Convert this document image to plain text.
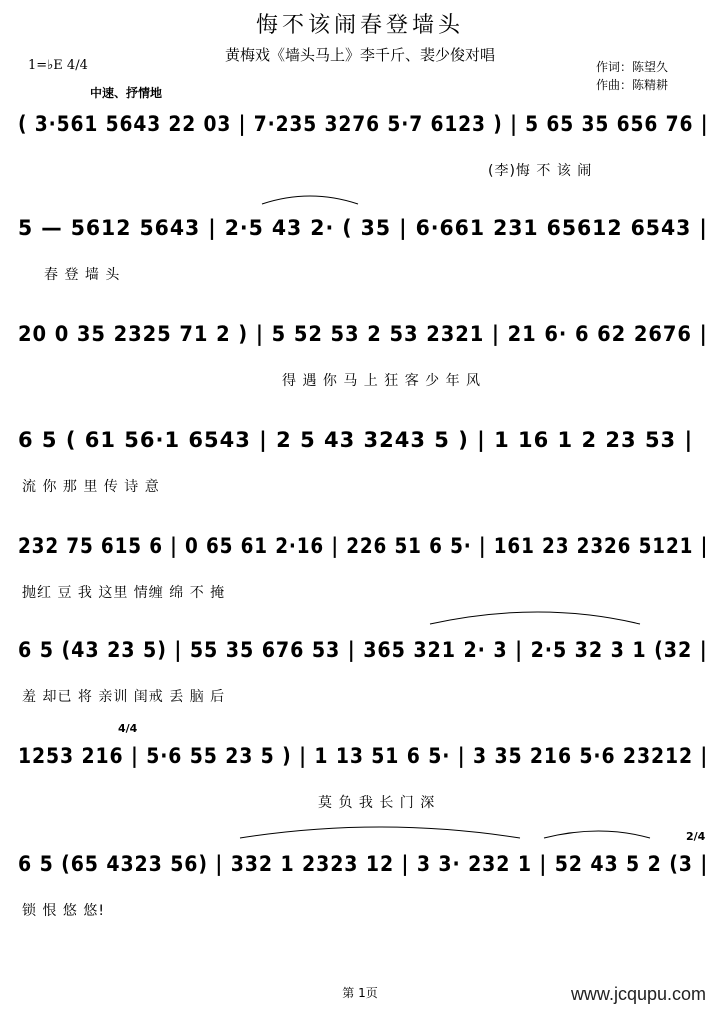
悔不该闹春登墙头
黄梅戏《墙头马上》李千斤、裴少俊对唱
作词：陈望久
作曲：陈精耕
1=♭E 4/4
中速、抒情地
( 3·561 5643 22 03 | 7·235 3276 5·7 6123 ) | 5 65 35 656 76 |
(李)悔 不 该 闹
5 — 5612 5643 | 2·5 43 2· ( 35 | 6·661 231 65612 6543 |
春 登 墙 头
20 0 35 2325 71 2 ) | 5 52 53 2 53 2321 | 21 6· 6 62 2676 |
得 遇 你 马 上 狂 客 少 年 风
6 5 ( 61 56·1 6543 | 2 5 43 3243 5 ) | 1 16 1 2 23 53 |
流 你 那 里 传 诗 意
232 75 615 6 | 0 65 61 2·16 | 226 51 6 5· | 161 23 2326 5121 |
抛红 豆 我 这里 情缠 绵 不 掩
6 5 (43 23 5) | 55 35 676 53 | 365 321 2· 3 | 2·5 32 3 1 (32 |
羞 却已 将 亲训 闺戒 丢 脑 后
4/4
1253 216 | 5·6 55 23 5 ) | 1 13 51 6 5· | 3 35 216 5·6 23212 |
莫 负 我 长 门 深
2/4
6 5 (65 4323 56) | 332 1 2323 12 | 3 3· 232 1 | 52 43 5 2 (3 |
锁 恨 悠 悠!
第 1页	www.jcqupu.com
